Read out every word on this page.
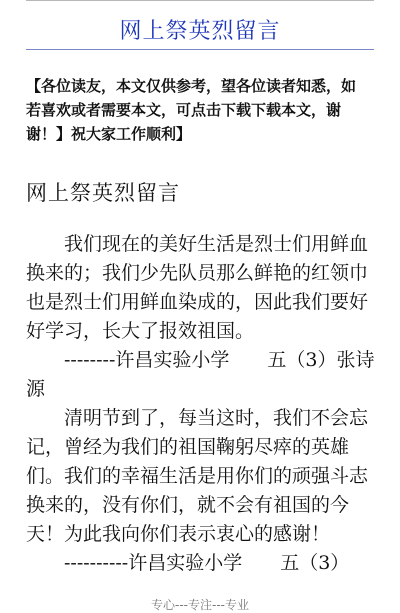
网上祭英烈留言
【各位读友，本文仅供参考，望各位读者知悉，如若喜欢或者需要本文，可点击下载下载本文，谢谢！】祝大家工作顺利】
网上祭英烈留言

我们现在的美好生活是烈士们用鲜血换来的；我们少先队员那么鲜艳的红领巾也是烈士们用鲜血染成的，因此我们要好好学习，长大了报效祖国。

--------许昌实验小学　　五（3）张诗源

清明节到了，每当这时，我们不会忘记，曾经为我们的祖国鞠躬尽瘁的英雄们。我们的幸福生活是用你们的顽强斗志换来的，没有你们，就不会有祖国的今天！为此我向你们表示衷心的感谢！

----------许昌实验小学　　五（3）

专心---专注---专业
